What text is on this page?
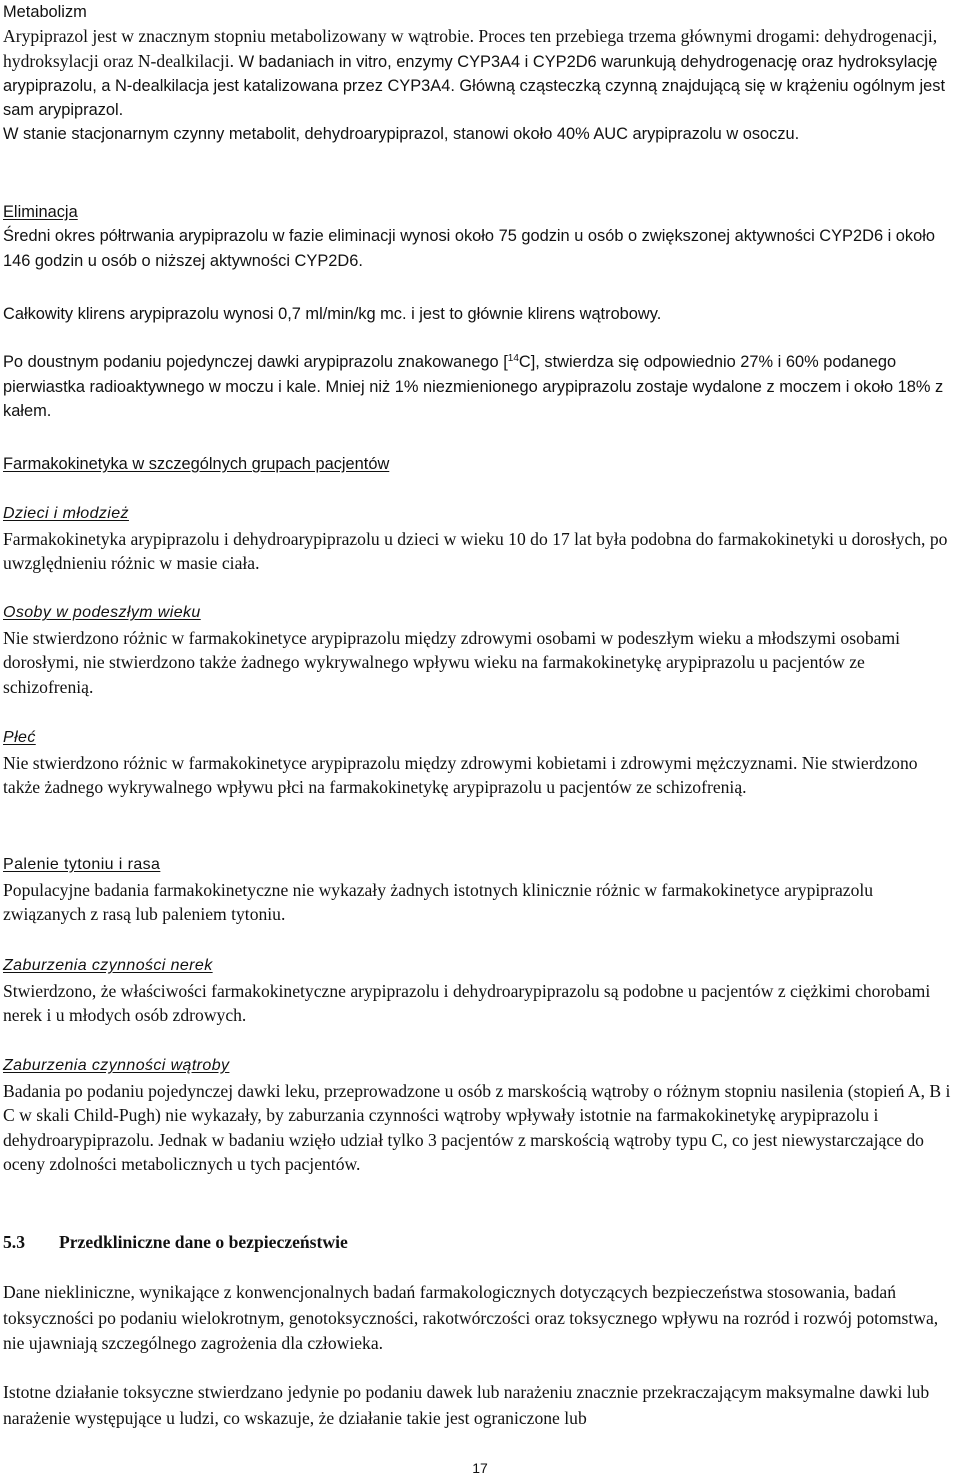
Metabolizm
Arypiprazol jest w znacznym stopniu metabolizowany w wątrobie. Proces ten przebiega trzema głównymi drogami: dehydrogenacji, hydroksylacji oraz N-dealkilacji. W badaniach in vitro, enzymy CYP3A4 i CYP2D6 warunkują dehydrogenację oraz hydroksylację arypiprazolu, a N-dealkilacja jest katalizowana przez CYP3A4. Główną cząsteczką czynną znajdującą się w krążeniu ogólnym jest sam arypiprazol.
W stanie stacjonarnym czynny metabolit, dehydroarypiprazol, stanowi około 40% AUC arypiprazolu w osoczu.
Eliminacja
Średni okres półtrwania arypiprazolu w fazie eliminacji wynosi około 75 godzin u osób o zwiększonej aktywności CYP2D6 i około 146 godzin u osób o niższej aktywności CYP2D6.
Całkowity klirens arypiprazolu wynosi 0,7 ml/min/kg mc. i jest to głównie klirens wątrobowy.
Po doustnym podaniu pojedynczej dawki arypiprazolu znakowanego [$^{14}$C], stwierdza się odpowiednio 27% i 60% podanego pierwiastka radioaktywnego w moczu i kale. Mniej niż 1% niezmienionego arypiprazolu zostaje wydalone z moczem i około 18% z kałem.
Farmakokinetyka w szczególnych grupach pacjentów
Dzieci i młodzież
Farmakokinetyka arypiprazolu i dehydroarypiprazolu u dzieci w wieku 10 do 17 lat była podobna do farmakokinetyki u dorosłych, po uwzględnieniu różnic w masie ciała.
Osoby w podeszłym wieku
Nie stwierdzono różnic w farmakokinetyce arypiprazolu między zdrowymi osobami w podeszłym wieku a młodszymi osobami dorosłymi, nie stwierdzono także żadnego wykrywalnego wpływu wieku na farmakokinetykę arypiprazolu u pacjentów ze schizofrenią.
Płeć
Nie stwierdzono różnic w farmakokinetyce arypiprazolu między zdrowymi kobietami i zdrowymi mężczyznami. Nie stwierdzono także żadnego wykrywalnego wpływu płci na farmakokinetykę arypiprazolu u pacjentów ze schizofrenią.
Palenie tytoniu i rasa
Populacyjne badania farmakokinetyczne nie wykazały żadnych istotnych klinicznie różnic w farmakokinetyce arypiprazolu związanych z rasą lub paleniem tytoniu.
Zaburzenia czynności nerek
Stwierdzono, że właściwości farmakokinetyczne arypiprazolu i dehydroarypiprazolu są podobne u pacjentów z ciężkimi chorobami nerek i u młodych osób zdrowych.
Zaburzenia czynności wątroby
Badania po podaniu pojedynczej dawki leku, przeprowadzone u osób z marskością wątroby o różnym stopniu nasilenia (stopień A, B i C w skali Child-Pugh) nie wykazały, by zaburzania czynności wątroby wpływały istotnie na farmakokinetykę arypiprazolu i dehydroarypiprazolu. Jednak w badaniu wzięło udział tylko 3 pacjentów z marskością wątroby typu C, co jest niewystarczające do oceny zdolności metabolicznych u tych pacjentów.
5.3 Przedkliniczne dane o bezpieczeństwie
Dane niekliniczne, wynikające z konwencjonalnych badań farmakologicznych dotyczących bezpieczeństwa stosowania, badań toksyczności po podaniu wielokrotnym, genotoksyczności, rakotwórczości oraz toksycznego wpływu na rozród i rozwój potomstwa, nie ujawniają szczególnego zagrożenia dla człowieka.
Istotne działanie toksyczne stwierdzano jedynie po podaniu dawek lub narażeniu znacznie przekraczającym maksymalne dawki lub narażenie występujące u ludzi, co wskazuje, że działanie takie jest ograniczone lub
17
